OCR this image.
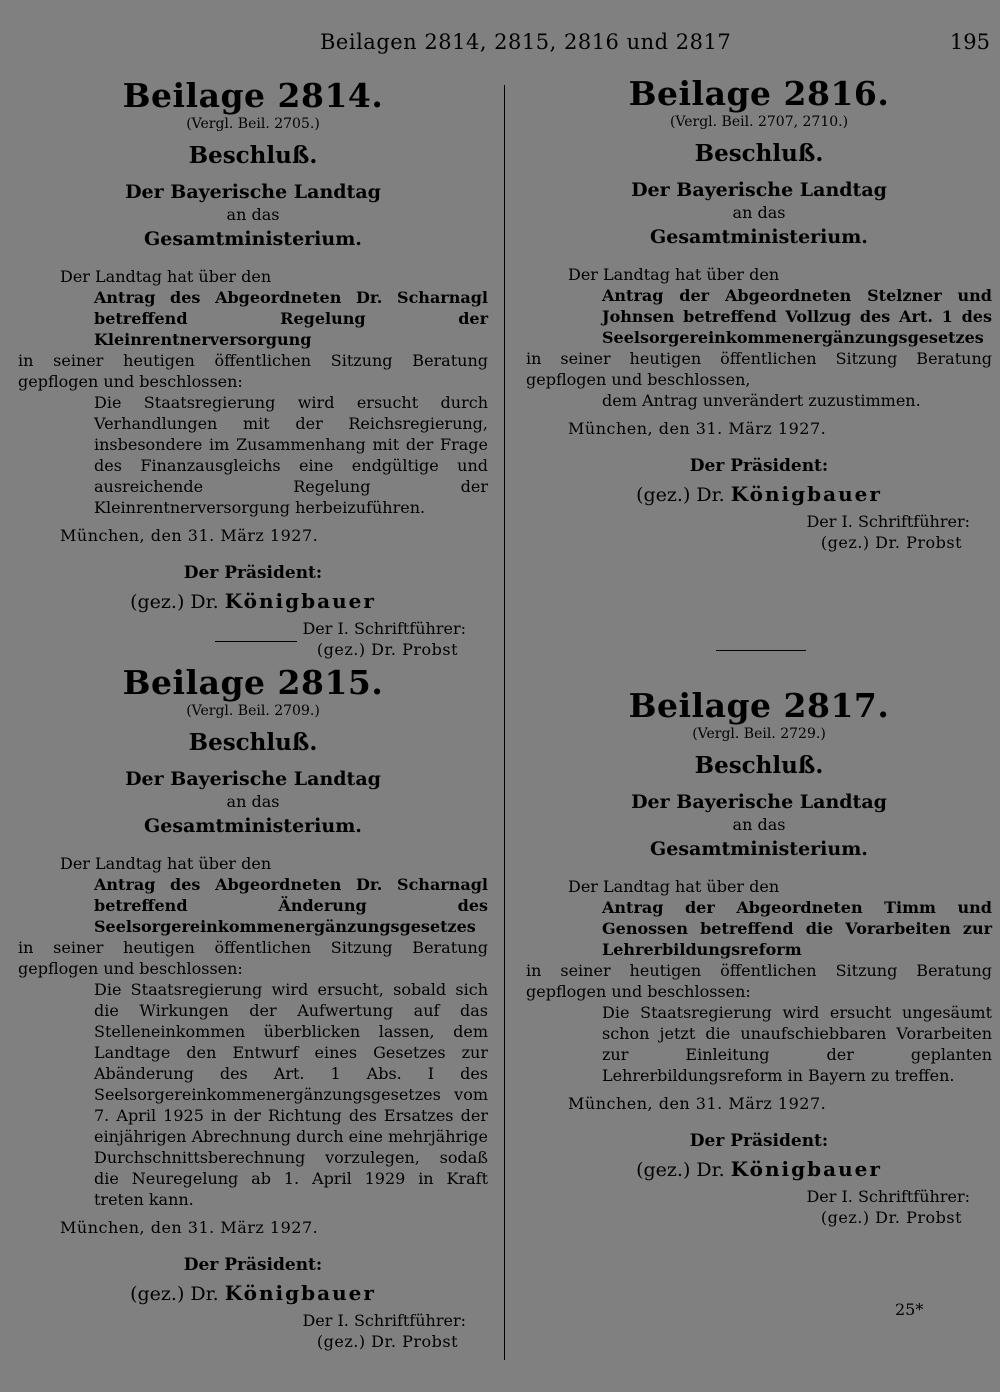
Beilagen 2814, 2815, 2816 und 2817	195
Beilage 2814.
(Vergl. Beil. 2705.)
Beschluß.
Der Bayerische Landtag
an das
Gesamtministerium.
Der Landtag hat über den
Antrag des Abgeordneten Dr. Scharnagl betreffend Regelung der Kleinrentnerversorgung
in seiner heutigen öffentlichen Sitzung Beratung gepflogen und beschlossen:
Die Staatsregierung wird ersucht durch Verhandlungen mit der Reichsregierung, insbesondere im Zusammenhang mit der Frage des Finanzausgleichs eine endgültige und ausreichende Regelung der Kleinrentnerversorgung herbeizuführen.
München, den 31. März 1927.
Der Präsident:
(gez.) Dr. Königbauer
Der I. Schriftführer:
(gez.) Dr. Probst
Beilage 2815.
(Vergl. Beil. 2709.)
Beschluß.
Der Bayerische Landtag
an das
Gesamtministerium.
Der Landtag hat über den
Antrag des Abgeordneten Dr. Scharnagl betreffend Änderung des Seelsorgereinkommenergänzungsgesetzes
in seiner heutigen öffentlichen Sitzung Beratung gepflogen und beschlossen:
Die Staatsregierung wird ersucht, sobald sich die Wirkungen der Aufwertung auf das Stelleneinkommen überblicken lassen, dem Landtage den Entwurf eines Gesetzes zur Abänderung des Art. 1 Abs. I des Seelsorgereinkommenergänzungsgesetzes vom 7. April 1925 in der Richtung des Ersatzes der einjährigen Abrechnung durch eine mehrjährige Durchschnittsberechnung vorzulegen, sodaß die Neuregelung ab 1. April 1929 in Kraft treten kann.
München, den 31. März 1927.
Der Präsident:
(gez.) Dr. Königbauer
Der I. Schriftführer:
(gez.) Dr. Probst
Beilage 2816.
(Vergl. Beil. 2707, 2710.)
Beschluß.
Der Bayerische Landtag
an das
Gesamtministerium.
Der Landtag hat über den
Antrag der Abgeordneten Stelzner und Johnsen betreffend Vollzug des Art. 1 des Seelsorgereinkommenergänzungsgesetzes
in seiner heutigen öffentlichen Sitzung Beratung gepflogen und beschlossen,
dem Antrag unverändert zuzustimmen.
München, den 31. März 1927.
Der Präsident:
(gez.) Dr. Königbauer
Der I. Schriftführer:
(gez.) Dr. Probst
Beilage 2817.
(Vergl. Beil. 2729.)
Beschluß.
Der Bayerische Landtag
an das
Gesamtministerium.
Der Landtag hat über den
Antrag der Abgeordneten Timm und Genossen betreffend die Vorarbeiten zur Lehrerbildungsreform
in seiner heutigen öffentlichen Sitzung Beratung gepflogen und beschlossen:
Die Staatsregierung wird ersucht ungesäumt schon jetzt die unaufschiebbaren Vorarbeiten zur Einleitung der geplanten Lehrerbildungsreform in Bayern zu treffen.
München, den 31. März 1927.
Der Präsident:
(gez.) Dr. Königbauer
Der I. Schriftführer:
(gez.) Dr. Probst
25*
